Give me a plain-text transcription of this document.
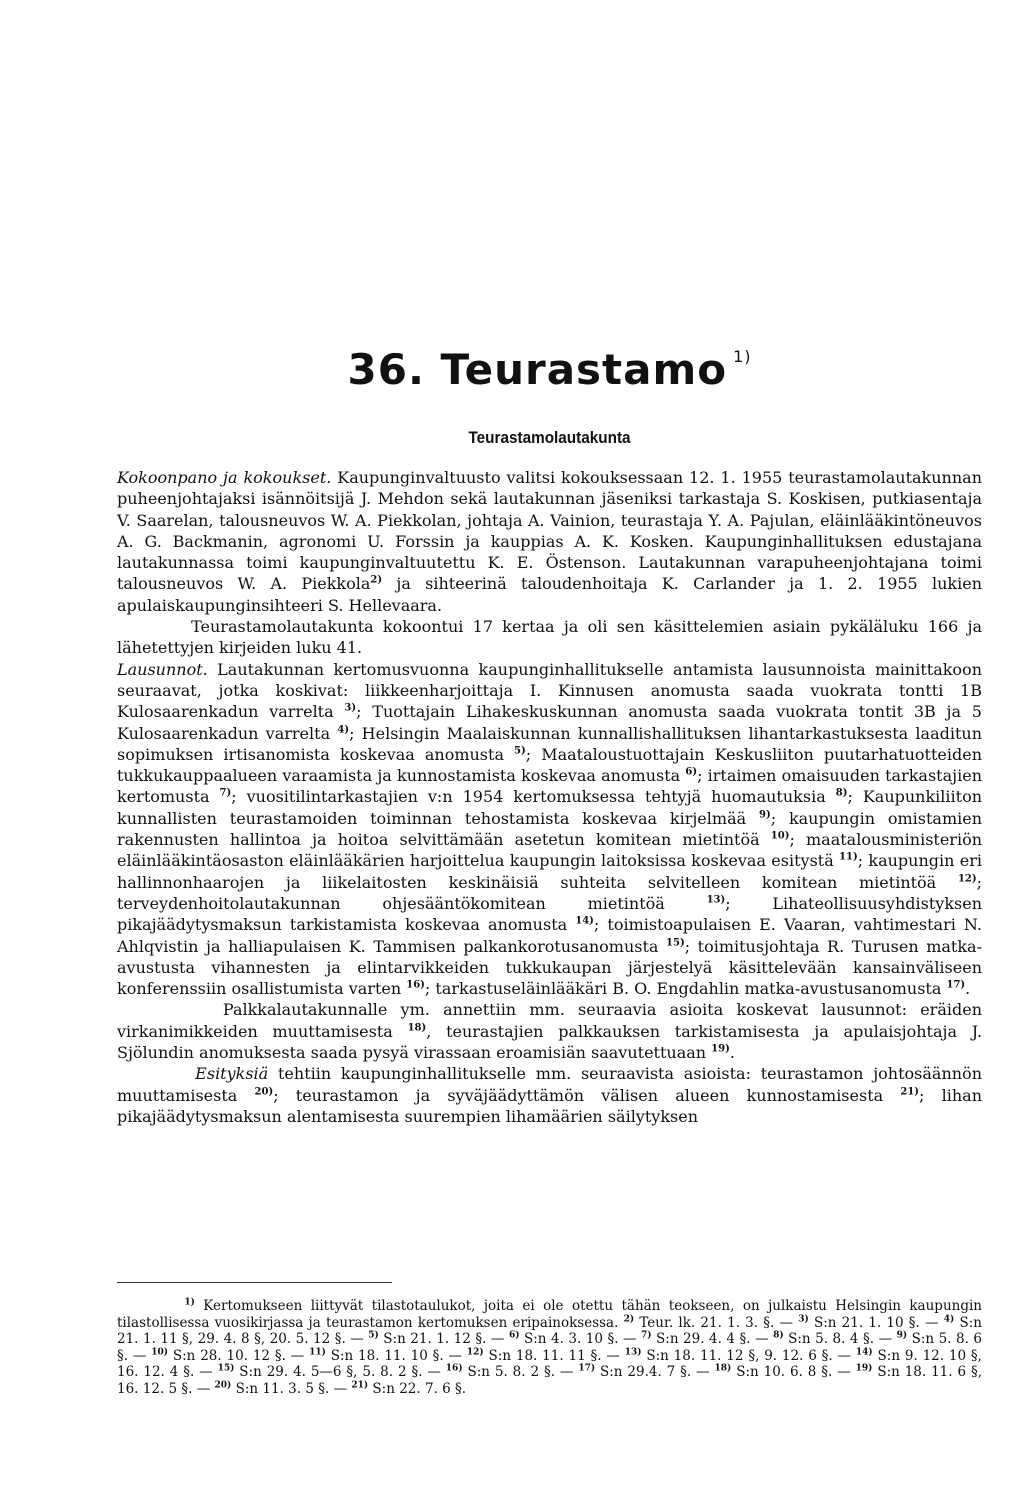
36. Teurastamo $^{1)}$
Teurastamolautakunta

Kokoonpano ja kokoukset. Kaupunginvaltuusto valitsi kokouksessaan 12. 1. 1955 teurastamolautakunnan puheenjohtajaksi isännöitsijä J. Mehdon sekä lautakunnan jäseniksi tarkastaja S. Koskisen, putkiasentaja V. Saarelan, talousneuvos W. A. Piekkolan, johtaja A. Vainion, teurastaja Y. A. Pajulan, eläinlääkintöneuvos A. G. Backmanin, agronomi U. Forssin ja kauppias A. K. Kosken. Kaupunginhallituksen edustajana lautakunnassa toimi kaupunginvaltuutettu K. E. Östenson. Lautakunnan varapuheenjohtajana toimi talousneuvos W. A. Piekkola$^{2)}$ ja sihteerinä taloudenhoitaja K. Carlander ja 1. 2. 1955 lukien apulaiskaupunginsihteeri S. Hellevaara.

Teurastamolautakunta kokoontui 17 kertaa ja oli sen käsittelemien asiain pykäläluku 166 ja lähetettyjen kirjeiden luku 41.

Lausunnot. Lautakunnan kertomusvuonna kaupunginhallitukselle antamista lausunnoista mainittakoon seuraavat, jotka koskivat: liikkeenharjoittaja I. Kinnusen anomusta saada vuokrata tontti 1B Kulosaarenkadun varrelta $^{3)}$; Tuottajain Lihakeskuskunnan anomusta saada vuokrata tontit 3B ja 5 Kulosaarenkadun varrelta $^{4)}$; Helsingin Maalaiskunnan kunnallishallituksen lihantarkastuksesta laaditun sopimuksen irtisanomista koskevaa anomusta $^{5)}$; Maataloustuottajain Keskusliiton puutarhatuotteiden tukkukauppaalueen varaamista ja kunnostamista koskevaa anomusta $^{6)}$; irtaimen omaisuuden tarkastajien kertomusta $^{7)}$; vuositilintarkastajien v:n 1954 kertomuksessa tehtyjä huomautuksia $^{8)}$; Kaupunkiliiton kunnallisten teurastamoiden toiminnan tehostamista koskevaa kirjelmää $^{9)}$; kaupungin omistamien rakennusten hallintoa ja hoitoa selvittämään asetetun komitean mietintöä $^{10)}$; maatalousministeriön eläinlääkintäosaston eläinlääkärien harjoittelua kaupungin laitoksissa koskevaa esitystä $^{11)}$; kaupungin eri hallinnonhaarojen ja liikelaitosten keskinäisiä suhteita selvitelleen komitean mietintöä $^{12)}$; terveydenhoitolautakunnan ohjesääntökomitean mietintöä $^{13)}$; Lihateollisuusyhdistyksen pikajäädytysmaksun tarkistamista koskevaa anomusta $^{14)}$; toimistoapulaisen E. Vaaran, vahtimestari N. Ahlqvistin ja halliapulaisen K. Tammisen palkankorotusanomusta $^{15)}$; toimitusjohtaja R. Turusen matka-avustusta vihannesten ja elintarvikkeiden tukkukaupan järjestelyä käsittelevään kansainväliseen konferenssiin osallistumista varten $^{16)}$; tarkastuseläinlääkäri B. O. Engdahlin matka-avustusanomusta $^{17)}$.

Palkkalautakunnalle ym. annettiin mm. seuraavia asioita koskevat lausunnot: eräiden virkanimikkeiden muuttamisesta $^{18)}$, teurastajien palkkauksen tarkistamisesta ja apulaisjohtaja J. Sjölundin anomuksesta saada pysyä virassaan eroamisiän saavutettuaan $^{19)}$.

Esityksiä tehtiin kaupunginhallitukselle mm. seuraavista asioista: teurastamon johtosäännön muuttamisesta $^{20)}$; teurastamon ja syväjäädyttämön välisen alueen kunnostamisesta $^{21)}$; lihan pikajäädytysmaksun alentamisesta suurempien lihamäärien säilytyksen

$^{1)}$ Kertomukseen liittyvät tilastotaulukot, joita ei ole otettu tähän teokseen, on julkaistu Helsingin kaupungin tilastollisessa vuosikirjassa ja teurastamon kertomuksen eripainoksessa. $^{2)}$ Teur. lk. 21. 1. 3. §. — $^{3)}$ S:n 21. 1. 10 §. — $^{4)}$ S:n 21. 1. 11 §, 29. 4. 8 §, 20. 5. 12 §. — $^{5)}$ S:n 21. 1. 12 §. — $^{6)}$ S:n 4. 3. 10 §. — $^{7)}$ S:n 29. 4. 4 §. — $^{8)}$ S:n 5. 8. 4 §. — $^{9)}$ S:n 5. 8. 6 §. — $^{10)}$ S:n 28. 10. 12 §. — $^{11)}$ S:n 18. 11. 10 §. — $^{12)}$ S:n 18. 11. 11 §. — $^{13)}$ S:n 18. 11. 12 §, 9. 12. 6 §. — $^{14)}$ S:n 9. 12. 10 §, 16. 12. 4 §. — $^{15)}$ S:n 29. 4. 5—6 §, 5. 8. 2 §. — $^{16)}$ S:n 5. 8. 2 §. — $^{17)}$ S:n 29.4. 7 §. — $^{18)}$ S:n 10. 6. 8 §. — $^{19)}$ S:n 18. 11. 6 §, 16. 12. 5 §. — $^{20)}$ S:n 11. 3. 5 §. — $^{21)}$ S:n 22. 7. 6 §.
